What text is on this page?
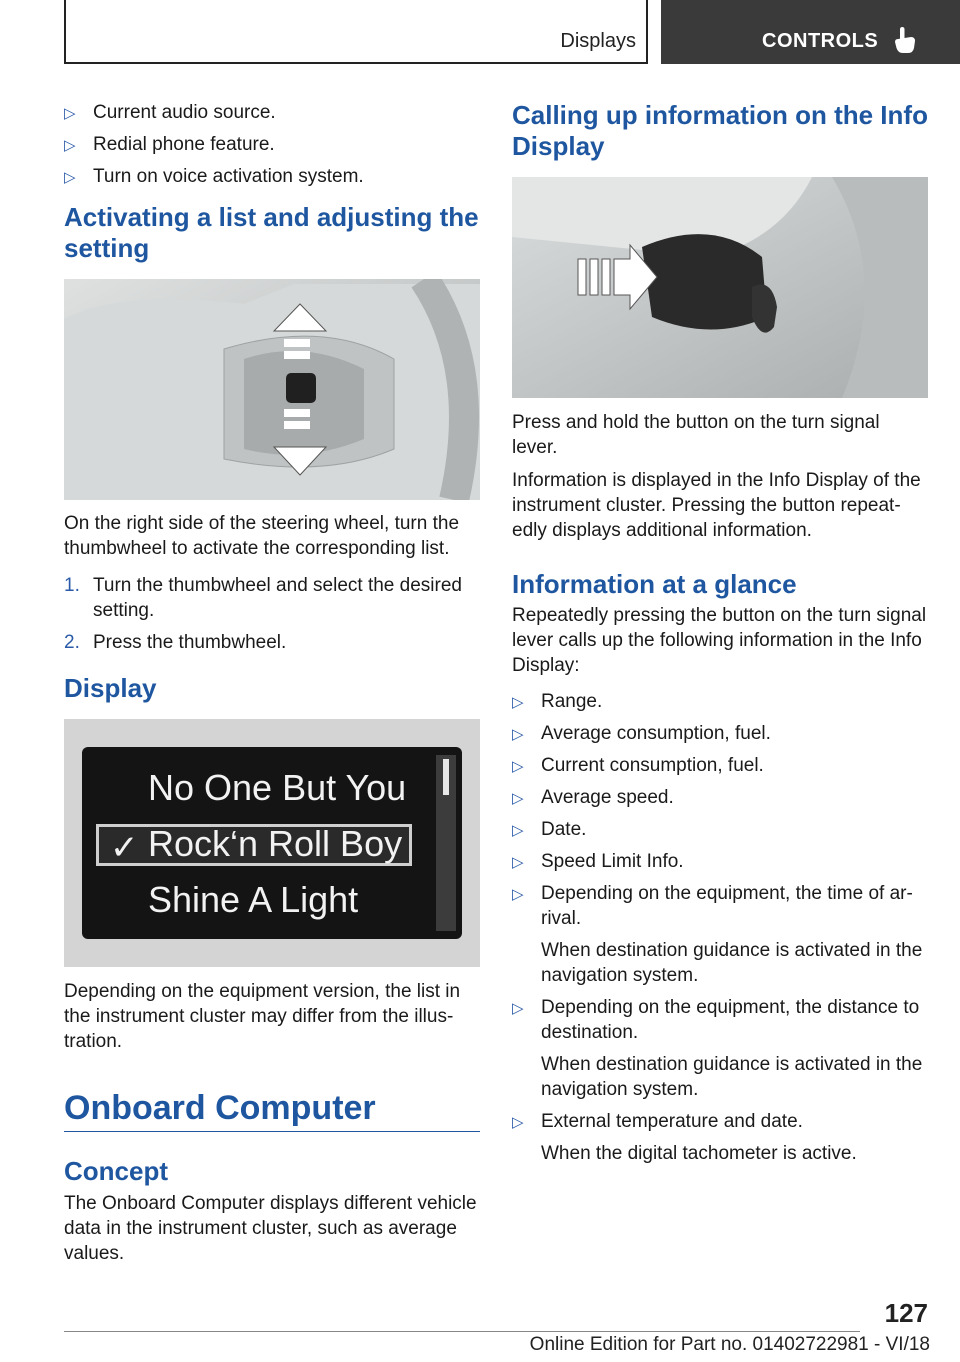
Displays	CONTROLS
▷ Current audio source.
▷ Redial phone feature.
▷ Turn on voice activation system.
Activating a list and adjusting the setting

On the right side of the steering wheel, turn the thumbwheel to activate the corresponding list.

1. Turn the thumbwheel and select the desired setting.
2. Press the thumbwheel.
Display
No One But You
✓ Rock‘n Roll Boy
Shine A Light

Depending on the equipment version, the list in the instrument cluster may differ from the illustration.

Onboard Computer
Concept

The Onboard Computer displays different vehicle data in the instrument cluster, such as average values.

Calling up information on the Info Display

Press and hold the button on the turn signal lever.

Information is displayed in the Info Display of the instrument cluster. Pressing the button repeatedly displays additional information.

Information at a glance

Repeatedly pressing the button on the turn signal lever calls up the following information in the Info Display:

▷ Range.
▷ Average consumption, fuel.
▷ Current consumption, fuel.
▷ Average speed.
▷ Date.
▷ Speed Limit Info.
▷ Depending on the equipment, the time of arrival.
When destination guidance is activated in the navigation system.
▷ Depending on the equipment, the distance to destination.
When destination guidance is activated in the navigation system.
▷ External temperature and date.
When the digital tachometer is active.
127
Online Edition for Part no. 01402722981 - VI/18
